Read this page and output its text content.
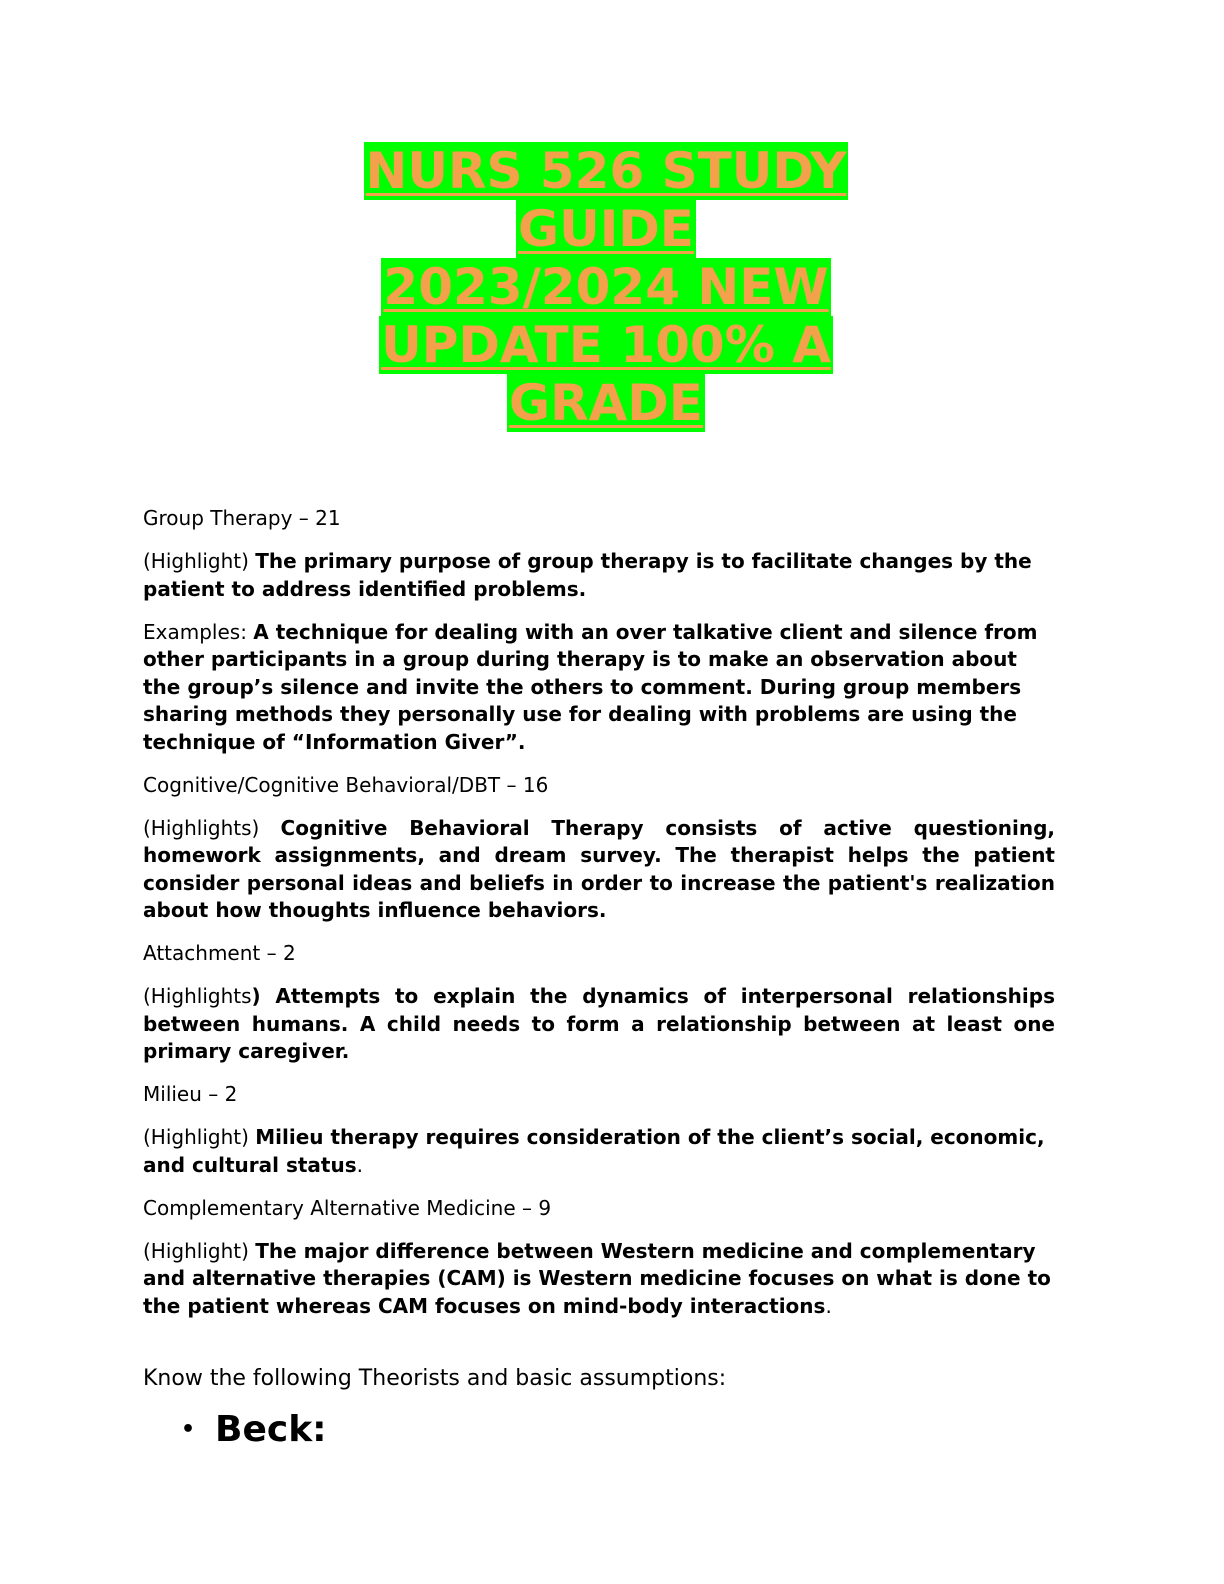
NURS 526 STUDY
GUIDE
2023/2024 NEW
UPDATE 100% A
GRADE
Group Therapy – 21

(Highlight) The primary purpose of group therapy is to facilitate changes by the patient to address identified problems.

Examples: A technique for dealing with an over talkative client and silence from other participants in a group during therapy is to make an observation about the group’s silence and invite the others to comment. During group members sharing methods they personally use for dealing with problems are using the technique of “Information Giver”.

Cognitive/Cognitive Behavioral/DBT – 16

(Highlights) Cognitive Behavioral Therapy consists of active questioning, homework assignments, and dream survey. The therapist helps the patient consider personal ideas and beliefs in order to increase the patient's realization about how thoughts influence behaviors.

Attachment – 2

(Highlights) Attempts to explain the dynamics of interpersonal relationships between humans. A child needs to form a relationship between at least one primary caregiver.

Milieu – 2

(Highlight) Milieu therapy requires consideration of the client’s social, economic, and cultural status.

Complementary Alternative Medicine – 9

(Highlight) The major difference between Western medicine and complementary and alternative therapies (CAM) is Western medicine focuses on what is done to the patient whereas CAM focuses on mind-body interactions.

Know the following Theorists and basic assumptions:
• Beck:
